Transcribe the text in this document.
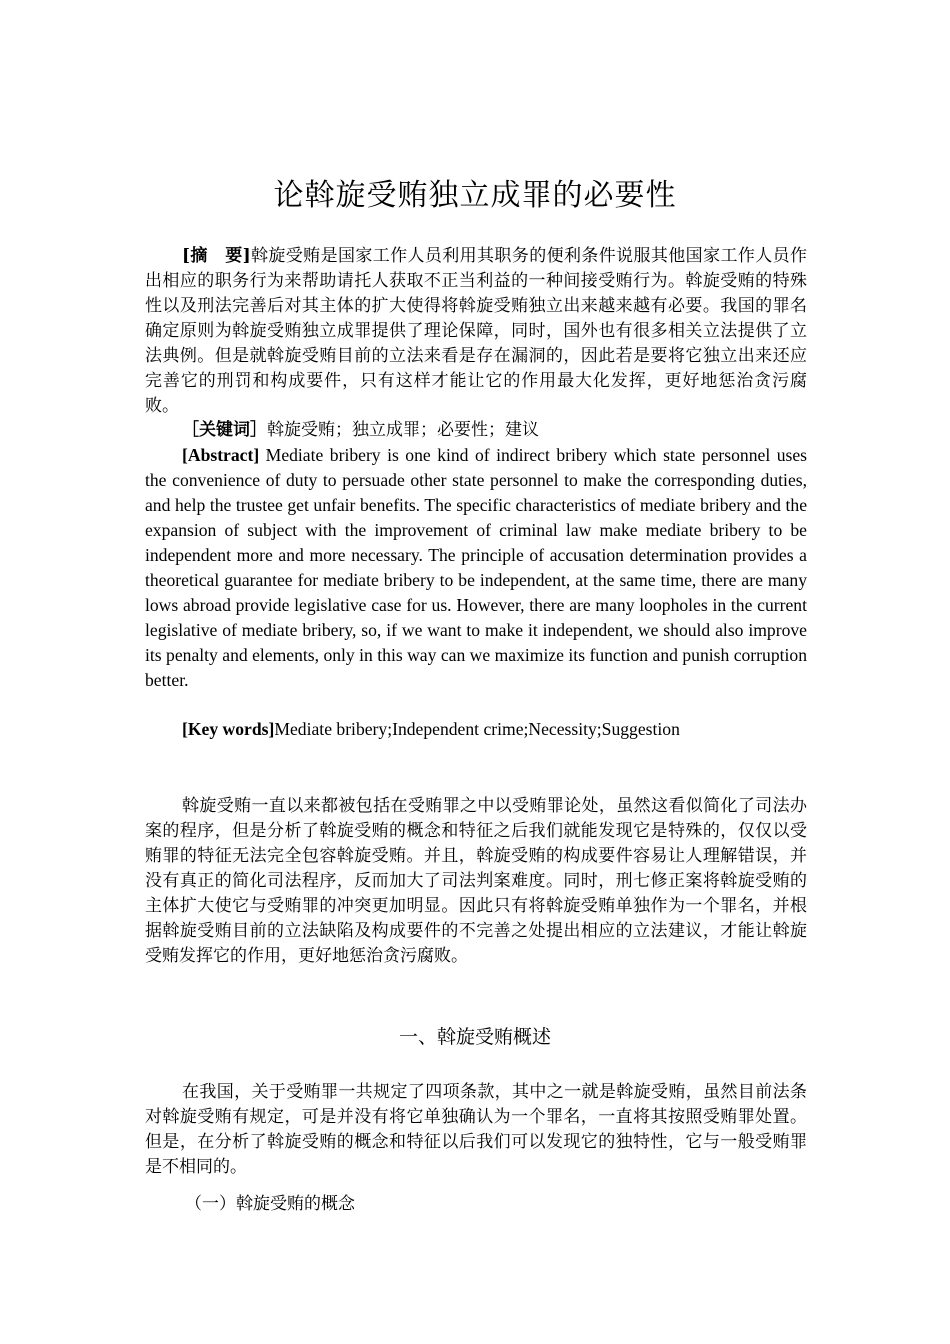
论斡旋受贿独立成罪的必要性
[摘　要]斡旋受贿是国家工作人员利用其职务的便利条件说服其他国家工作人员作出相应的职务行为来帮助请托人获取不正当利益的一种间接受贿行为。斡旋受贿的特殊性以及刑法完善后对其主体的扩大使得将斡旋受贿独立出来越来越有必要。我国的罪名确定原则为斡旋受贿独立成罪提供了理论保障，同时，国外也有很多相关立法提供了立法典例。但是就斡旋受贿目前的立法来看是存在漏洞的，因此若是要将它独立出来还应完善它的刑罚和构成要件，只有这样才能让它的作用最大化发挥，更好地惩治贪污腐败。
［关键词］斡旋受贿；独立成罪；必要性；建议
[Abstract] Mediate bribery is one kind of indirect bribery which state personnel uses the convenience of duty to persuade other state personnel to make the corresponding duties, and help the trustee get unfair benefits. The specific characteristics of mediate bribery and the expansion of subject with the improvement of criminal law make mediate bribery to be independent more and more necessary. The principle of accusation determination provides a theoretical guarantee for mediate bribery to be independent, at the same time, there are many lows abroad provide legislative case for us. However, there are many loopholes in the current legislative of mediate bribery, so, if we want to make it independent, we should also improve its penalty and elements, only in this way can we maximize its function and punish corruption better.
[Key words]Mediate bribery;Independent crime;Necessity;Suggestion

斡旋受贿一直以来都被包括在受贿罪之中以受贿罪论处，虽然这看似简化了司法办案的程序，但是分析了斡旋受贿的概念和特征之后我们就能发现它是特殊的，仅仅以受贿罪的特征无法完全包容斡旋受贿。并且，斡旋受贿的构成要件容易让人理解错误，并没有真正的简化司法程序，反而加大了司法判案难度。同时，刑七修正案将斡旋受贿的主体扩大使它与受贿罪的冲突更加明显。因此只有将斡旋受贿单独作为一个罪名，并根据斡旋受贿目前的立法缺陷及构成要件的不完善之处提出相应的立法建议，才能让斡旋受贿发挥它的作用，更好地惩治贪污腐败。

一、斡旋受贿概述

在我国，关于受贿罪一共规定了四项条款，其中之一就是斡旋受贿，虽然目前法条对斡旋受贿有规定，可是并没有将它单独确认为一个罪名，一直将其按照受贿罪处置。但是，在分析了斡旋受贿的概念和特征以后我们可以发现它的独特性，它与一般受贿罪是不相同的。

（一）斡旋受贿的概念
